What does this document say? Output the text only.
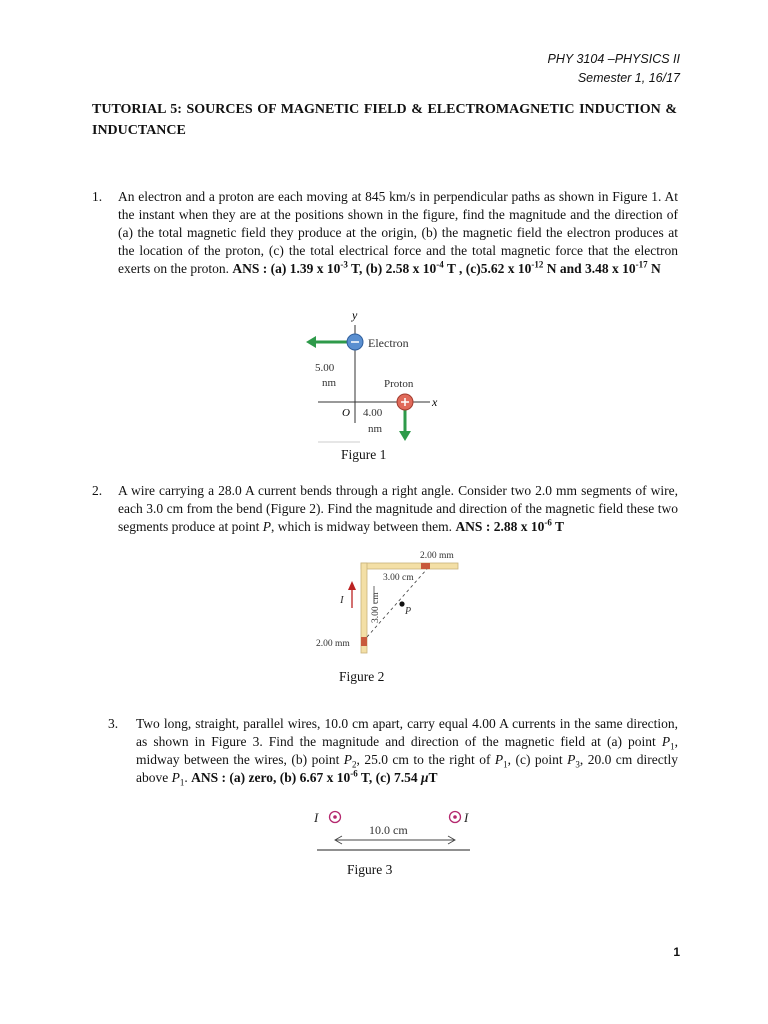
PHY 3104 –PHYSICS II
Semester 1, 16/17
TUTORIAL 5: SOURCES OF MAGNETIC FIELD & ELECTROMAGNETIC INDUCTION & INDUCTANCE
1. An electron and a proton are each moving at 845 km/s in perpendicular paths as shown in Figure 1. At the instant when they are at the positions shown in the figure, find the magnitude and the direction of (a) the total magnetic field they produce at the origin, (b) the magnetic field the electron produces at the location of the proton, (c) the total electrical force and the total magnetic force that the electron exerts on the proton. ANS : (a) 1.39 x $10^{-3}$ T, (b) 2.58 x $10^{-4}$ T , (c)5.62 x $10^{-12}$ N and 3.48 x $10^{-17}$ N
y
x
O
Electron
5.00
nm	Proton
4.00
nm
Figure 1
2. A wire carrying a 28.0 A current bends through a right angle. Consider two 2.0 mm segments of wire, each 3.0 cm from the bend (Figure 2). Find the magnitude and direction of the magnetic field these two segments produce at point P, which is midway between them. ANS : 2.88 x $10^{-6}$ T
2.00 mm
2.00 mm
3.00 cm
3.00 cm P
I
Figure 2
3. Two long, straight, parallel wires, 10.0 cm apart, carry equal 4.00 A currents in the same direction, as shown in Figure 3. Find the magnitude and direction of the magnetic field at (a) point $P_1$, midway between the wires, (b) point $P_2$, 25.0 cm to the right of $P_1$, (c) point $P_3$, 20.0 cm directly above $P_1$. ANS : (a) zero, (b) 6.67 x $10^{-6}$ T, (c) 7.54 μT
I	I
10.0 cm
Figure 3
1
